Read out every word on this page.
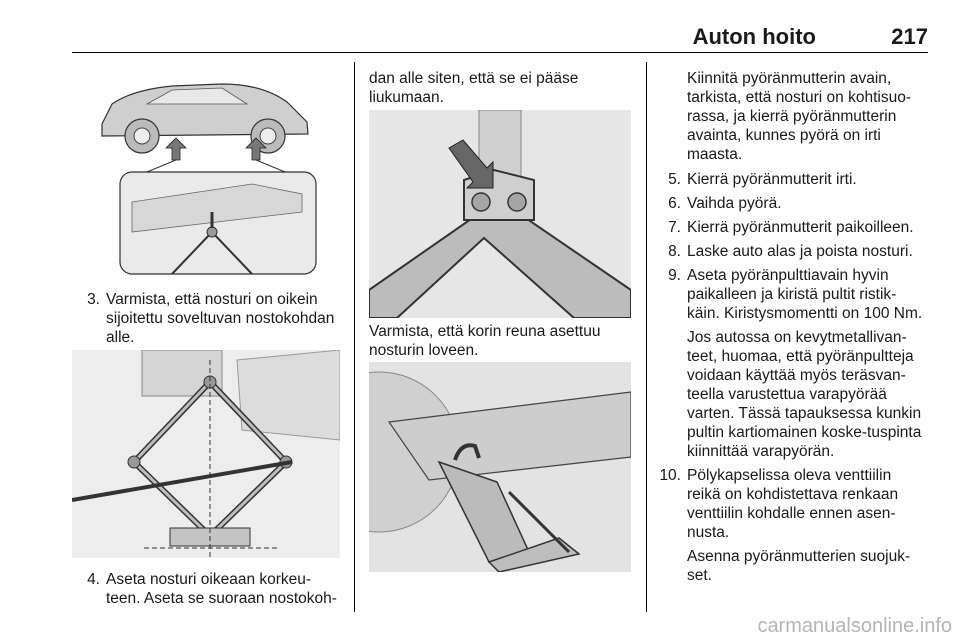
Auton hoito	217
3. Varmista, että nosturi on oikein sijoitettu soveltuvan nostokohdan alle.
4. Aseta nosturi oikeaan korkeu-teen. Aseta se suoraan nostokoh-
dan alle siten, että se ei pääse liukumaan.
Varmista, että korin reuna asettuu nosturin loveen.
Kiinnitä pyöränmutterin avain, tarkista, että nosturi on kohtisuo-rassa, ja kierrä pyöränmutterin avainta, kunnes pyörä on irti maasta.
5. Kierrä pyöränmutterit irti.
6. Vaihda pyörä.
7. Kierrä pyöränmutterit paikoilleen.
8. Laske auto alas ja poista nosturi.
9. Aseta pyöränpulttiavain hyvin paikalleen ja kiristä pultit ristik-käin. Kiristysmomentti on 100 Nm.
Jos autossa on kevytmetallivan-teet, huomaa, että pyöränpultteja voidaan käyttää myös teräsvan-teella varustettua varapyörää varten. Tässä tapauksessa kunkin pultin kartiomainen koske-tuspinta kiinnittää varapyörän.
10. Pölykapselissa oleva venttiilin reikä on kohdistettava renkaan venttiilin kohdalle ennen asen-nusta.
Asenna pyöränmutterien suojuk-set.
carmanualsonline.info
